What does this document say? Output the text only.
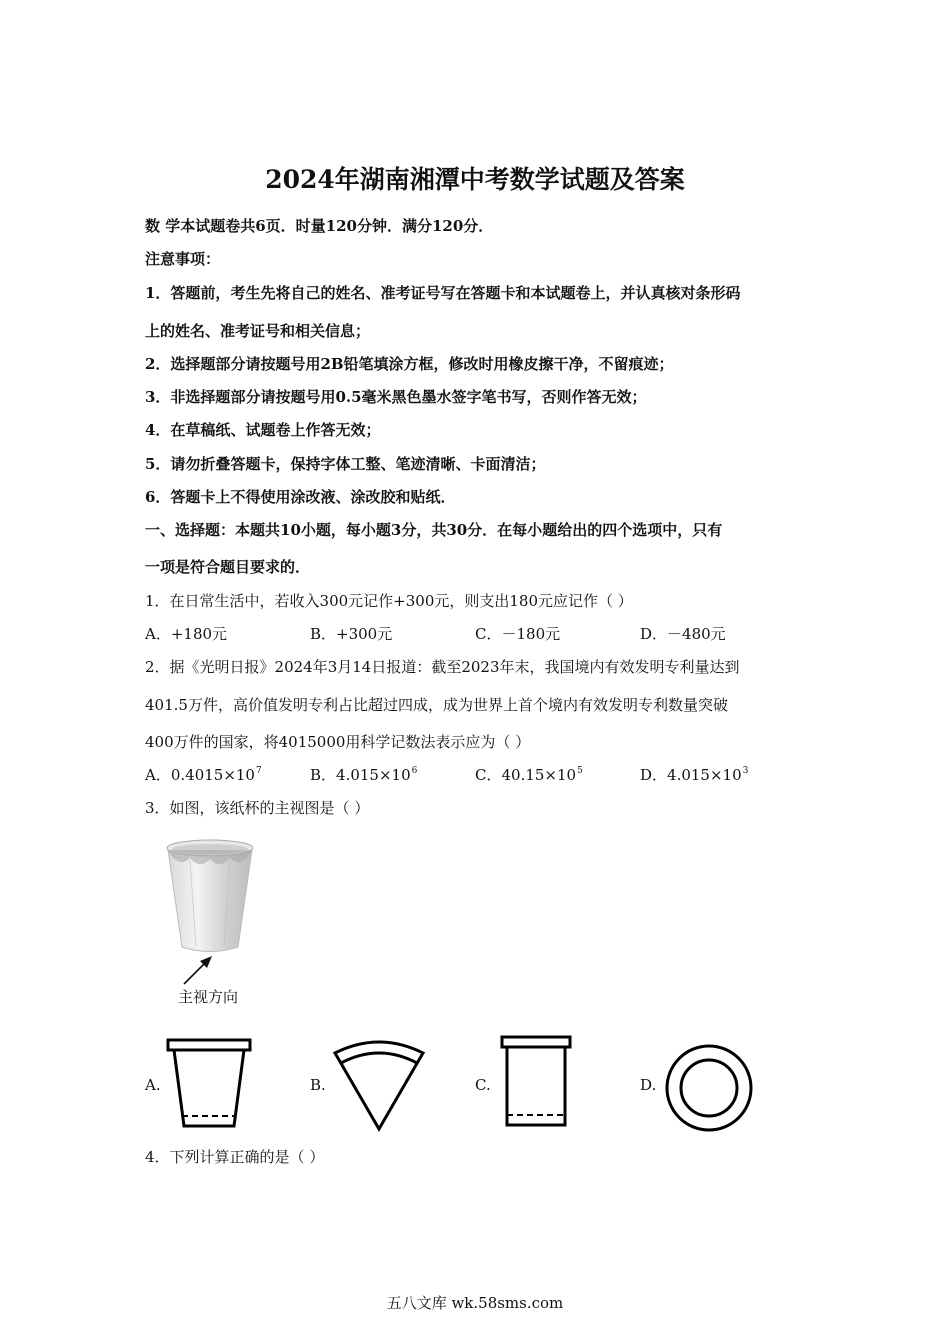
2024年湖南湘潭中考数学试题及答案
数 学本试题卷共6页．时量120分钟．满分120分．
注意事项：
1．答题前，考生先将自己的姓名、准考证号写在答题卡和本试题卷上，并认真核对条形码
上的姓名、准考证号和相关信息；
2．选择题部分请按题号用2B铅笔填涂方框，修改时用橡皮擦干净，不留痕迹；
3．非选择题部分请按题号用0.5毫米黑色墨水签字笔书写，否则作答无效；
4．在草稿纸、试题卷上作答无效；
5．请勿折叠答题卡，保持字体工整、笔迹清晰、卡面清洁；
6．答题卡上不得使用涂改液、涂改胶和贴纸．
一、选择题：本题共10小题，每小题3分，共30分．在每小题给出的四个选项中，只有
一项是符合题目要求的．
1．在日常生活中，若收入300元记作+300元，则支出180元应记作（ ）
A．+180元	B．+300元	C．－180元	D．－480元
2．据《光明日报》2024年3月14日报道：截至2023年末，我国境内有效发明专利量达到
401.5万件，高价值发明专利占比超过四成，成为世界上首个境内有效发明专利数量突破
400万件的国家，将4015000用科学记数法表示应为（ ）
A．$0.4015\times 10^7$	B．$4.015\times 10^6$	C．$40.15\times 10^5$	D．$4.015\times 10^3$
3．如图，该纸杯的主视图是（ ）
主视方向
A.	B.	C.	D.
4．下列计算正确的是（ ）
五八文库 wk.58sms.com
